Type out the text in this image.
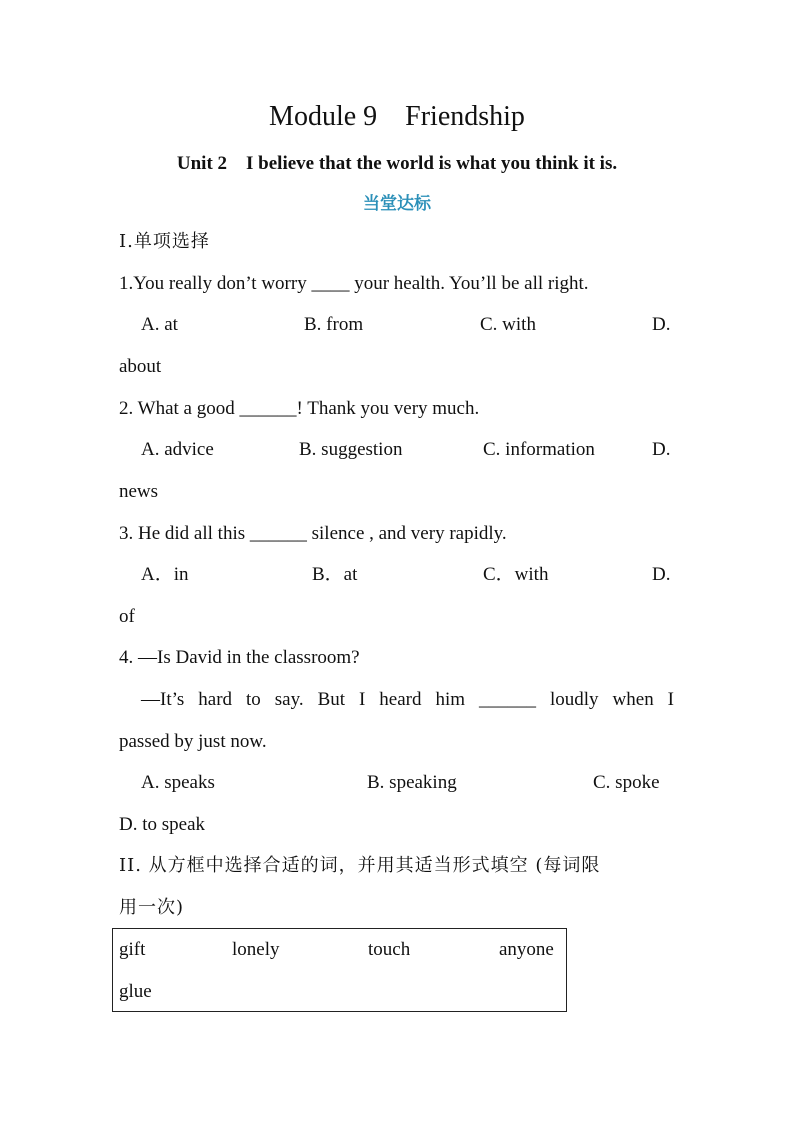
Module 9　Friendship
Unit 2　I believe that the world is what you think it is.
当堂达标
I.单项选择
1.You really don’t worry ____ your health. You’ll be all right.
A. at	B. from	C. with	D.
about
2. What a good ______! Thank you very much.
A. advice	B. suggestion	C. information	D.
news
3. He did all this ______ silence , and very rapidly.
A．in	B．at	C．with	D.
of
4. —Is David in the classroom?
—It’s hard to say. But I heard him ______ loudly when I
passed by just now.
A. speaks	B. speaking	C. spoke
D. to speak
II. 从方框中选择合适的词，并用其适当形式填空 (每词限
用一次)
gift	lonely	touch	anyone
glue
